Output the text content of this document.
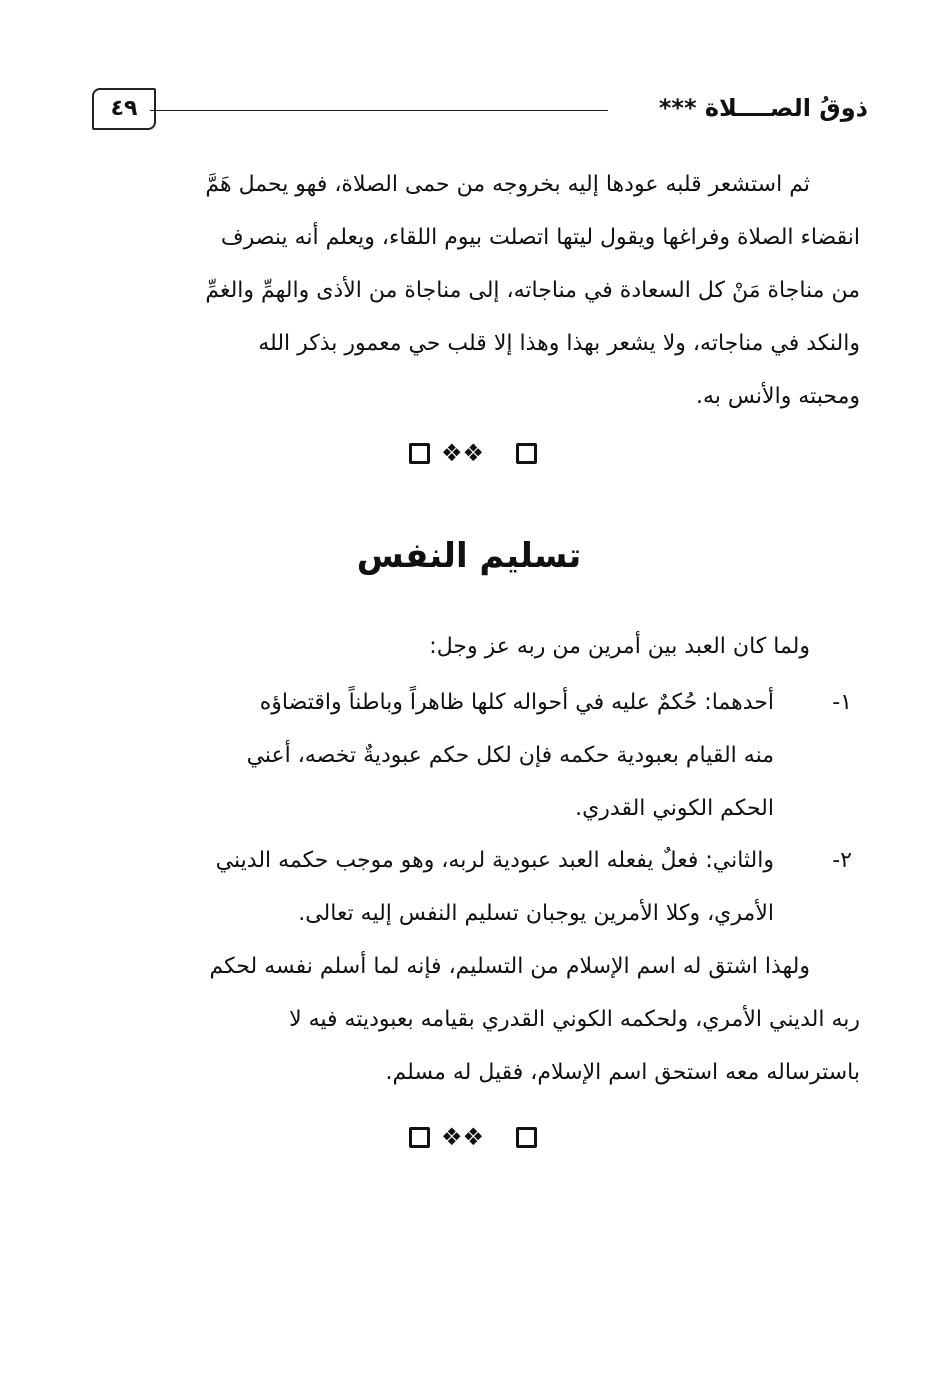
ذوقُ الصــــلاة ***
٤٩
ثم استشعر قلبه عودها إليه بخروجه من حمى الصلاة، فهو يحمل هَمَّ
انقضاء الصلاة وفراغها ويقول ليتها اتصلت بيوم اللقاء، ويعلم أنه ينصرف
من مناجاة مَنْ كل السعادة في مناجاته، إلى مناجاة من الأذى والهمِّ والغمِّ
والنكد في مناجاته، ولا يشعر بهذا وهذا إلا قلب حي معمور بذكر الله
ومحبته والأنس به.
❖❖
تسليم النفس
ولما كان العبد بين أمرين من ربه عز وجل:
١-
أحدهما: حُكمٌ عليه في أحواله كلها ظاهراً وباطناً واقتضاؤه
منه القيام بعبودية حكمه فإن لكل حكم عبوديةٌ تخصه، أعني
الحكم الكوني القدري.
٢-
والثاني: فعلٌ يفعله العبد عبودية لربه، وهو موجب حكمه الديني
الأمري، وكلا الأمرين يوجبان تسليم النفس إليه تعالى.
ولهذا اشتق له اسم الإسلام من التسليم، فإنه لما أسلم نفسه لحكم
ربه الديني الأمري، ولحكمه الكوني القدري بقيامه بعبوديته فيه لا
باسترساله معه استحق اسم الإسلام، فقيل له مسلم.
❖❖
